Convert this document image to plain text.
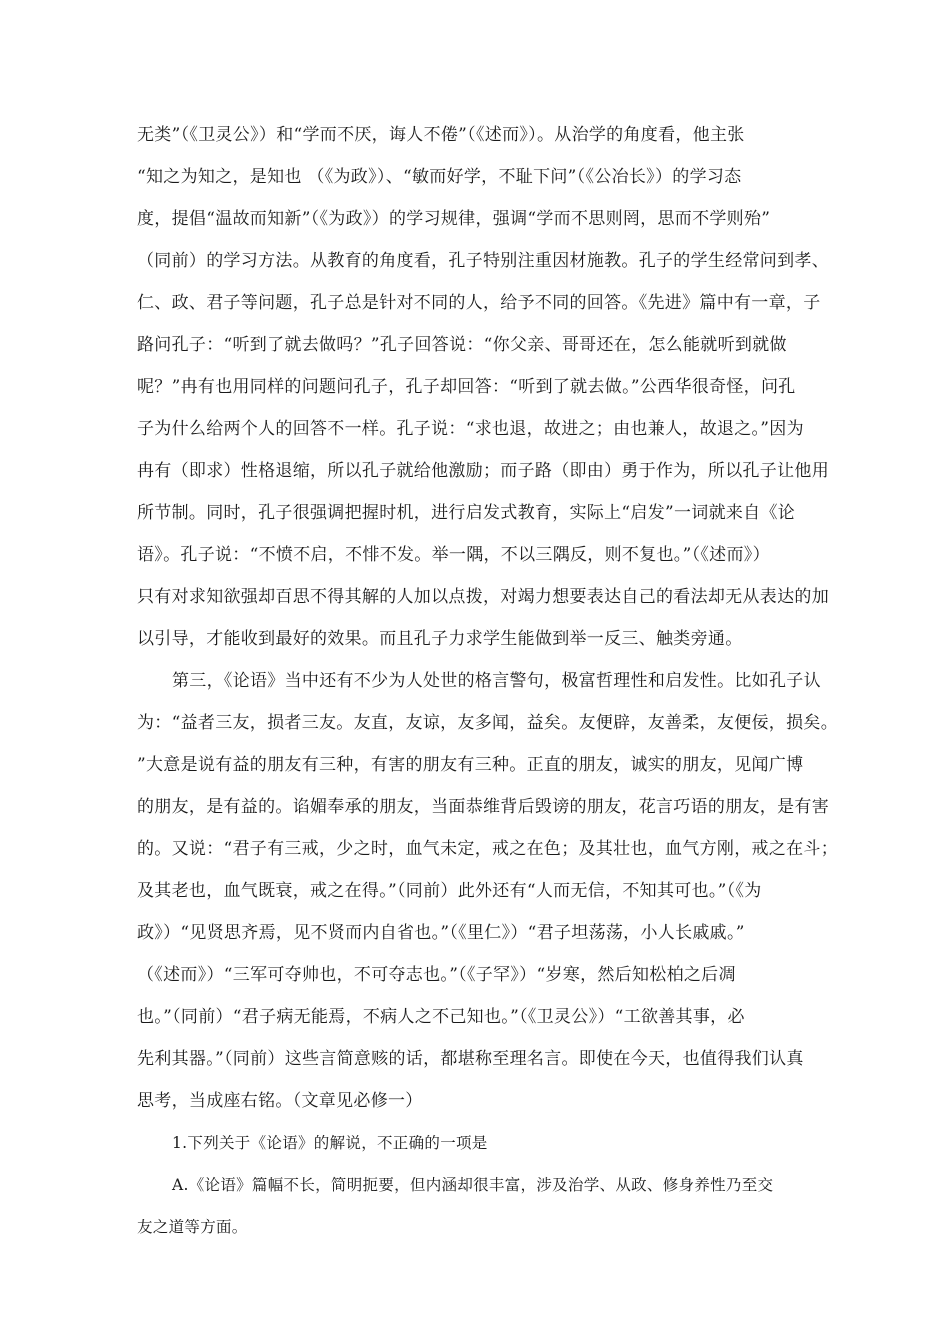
无类”（《卫灵公》）和“学而不厌，诲人不倦”（《述而》）。从治学的角度看，他主张
“知之为知之，是知也 （《为政》）、“敏而好学，不耻下问”（《公冶长》）的学习态
度，提倡“温故而知新”（《为政》）的学习规律，强调“学而不思则罔，思而不学则殆”
（同前）的学习方法。从教育的角度看，孔子特别注重因材施教。孔子的学生经常问到孝、
仁、政、君子等问题，孔子总是针对不同的人，给予不同的回答。《先进》篇中有一章，子
路问孔子：“听到了就去做吗？”孔子回答说：“你父亲、哥哥还在，怎么能就听到就做
呢？”冉有也用同样的问题问孔子，孔子却回答：“听到了就去做。”公西华很奇怪，问孔
子为什么给两个人的回答不一样。孔子说：“求也退，故进之；由也兼人，故退之。”因为
冉有（即求）性格退缩，所以孔子就给他激励；而子路（即由）勇于作为，所以孔子让他用
所节制。同时，孔子很强调把握时机，进行启发式教育，实际上“启发”一词就来自《论
语》。孔子说：“不愤不启，不悱不发。举一隅，不以三隅反，则不复也。”（《述而》）
只有对求知欲强却百思不得其解的人加以点拨，对竭力想要表达自己的看法却无从表达的加
以引导，才能收到最好的效果。而且孔子力求学生能做到举一反三、触类旁通。
第三，《论语》当中还有不少为人处世的格言警句，极富哲理性和启发性。比如孔子认
为：“益者三友，损者三友。友直，友谅，友多闻，益矣。友便辟，友善柔，友便佞，损矣。
”大意是说有益的朋友有三种，有害的朋友有三种。正直的朋友，诚实的朋友，见闻广博
的朋友，是有益的。谄媚奉承的朋友，当面恭维背后毁谤的朋友，花言巧语的朋友，是有害
的。又说：“君子有三戒，少之时，血气未定，戒之在色；及其壮也，血气方刚，戒之在斗；
及其老也，血气既衰，戒之在得。”（同前）此外还有“人而无信，不知其可也。”（《为
政》）“见贤思齐焉，见不贤而内自省也。”（《里仁》）“君子坦荡荡，小人长戚戚。”
（《述而》）“三军可夺帅也，不可夺志也。”（《子罕》）“岁寒，然后知松柏之后凋
也。”（同前）“君子病无能焉，不病人之不己知也。”（《卫灵公》）“工欲善其事，必
先利其器。”（同前）这些言简意赅的话，都堪称至理名言。即使在今天，也值得我们认真
思考，当成座右铭。（文章见必修一）
1.下列关于《论语》的解说，不正确的一项是
A.《论语》篇幅不长，简明扼要，但内涵却很丰富，涉及治学、从政、修身养性乃至交
友之道等方面。
